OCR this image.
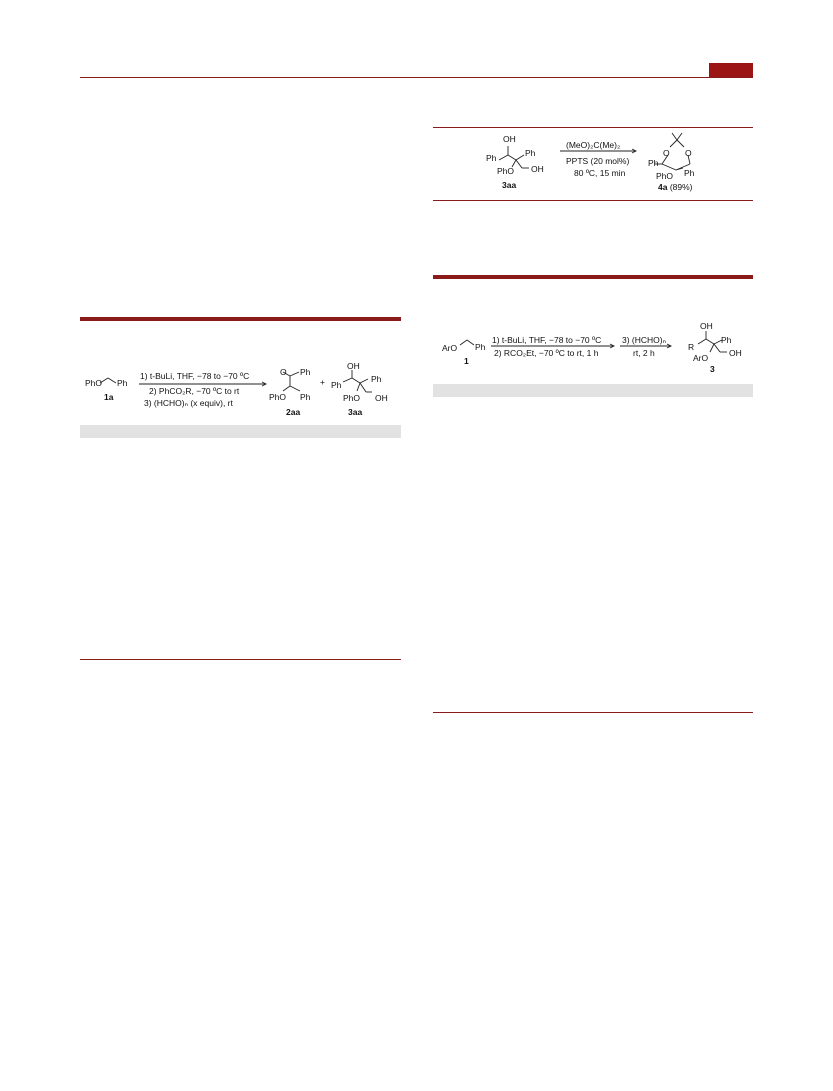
OH
Ph	Ph
PhO OH
3aa
(MeO)₂C(Me)₂
PPTS (20 mol%)
80 ºC, 15 min
O O
Ph
Ph
PhO
4a (89%)
PhO Ph
1a
1) t-BuLi, THF, −78 to −70 ºC
2) PhCO₂R, −70 ºC to rt
3) (HCHO)ₙ (x equiv), rt
O Ph
PhO Ph
2aa
+
OH
Ph
Ph
PhO OH
3aa
ArO Ph
1
1) t-BuLi, THF, −78 to −70 ºC
2) RCO₂Et, −70 ºC to rt, 1 h
3) (HCHO)ₙ
rt, 2 h
OH
R
Ph
ArO OH
3
